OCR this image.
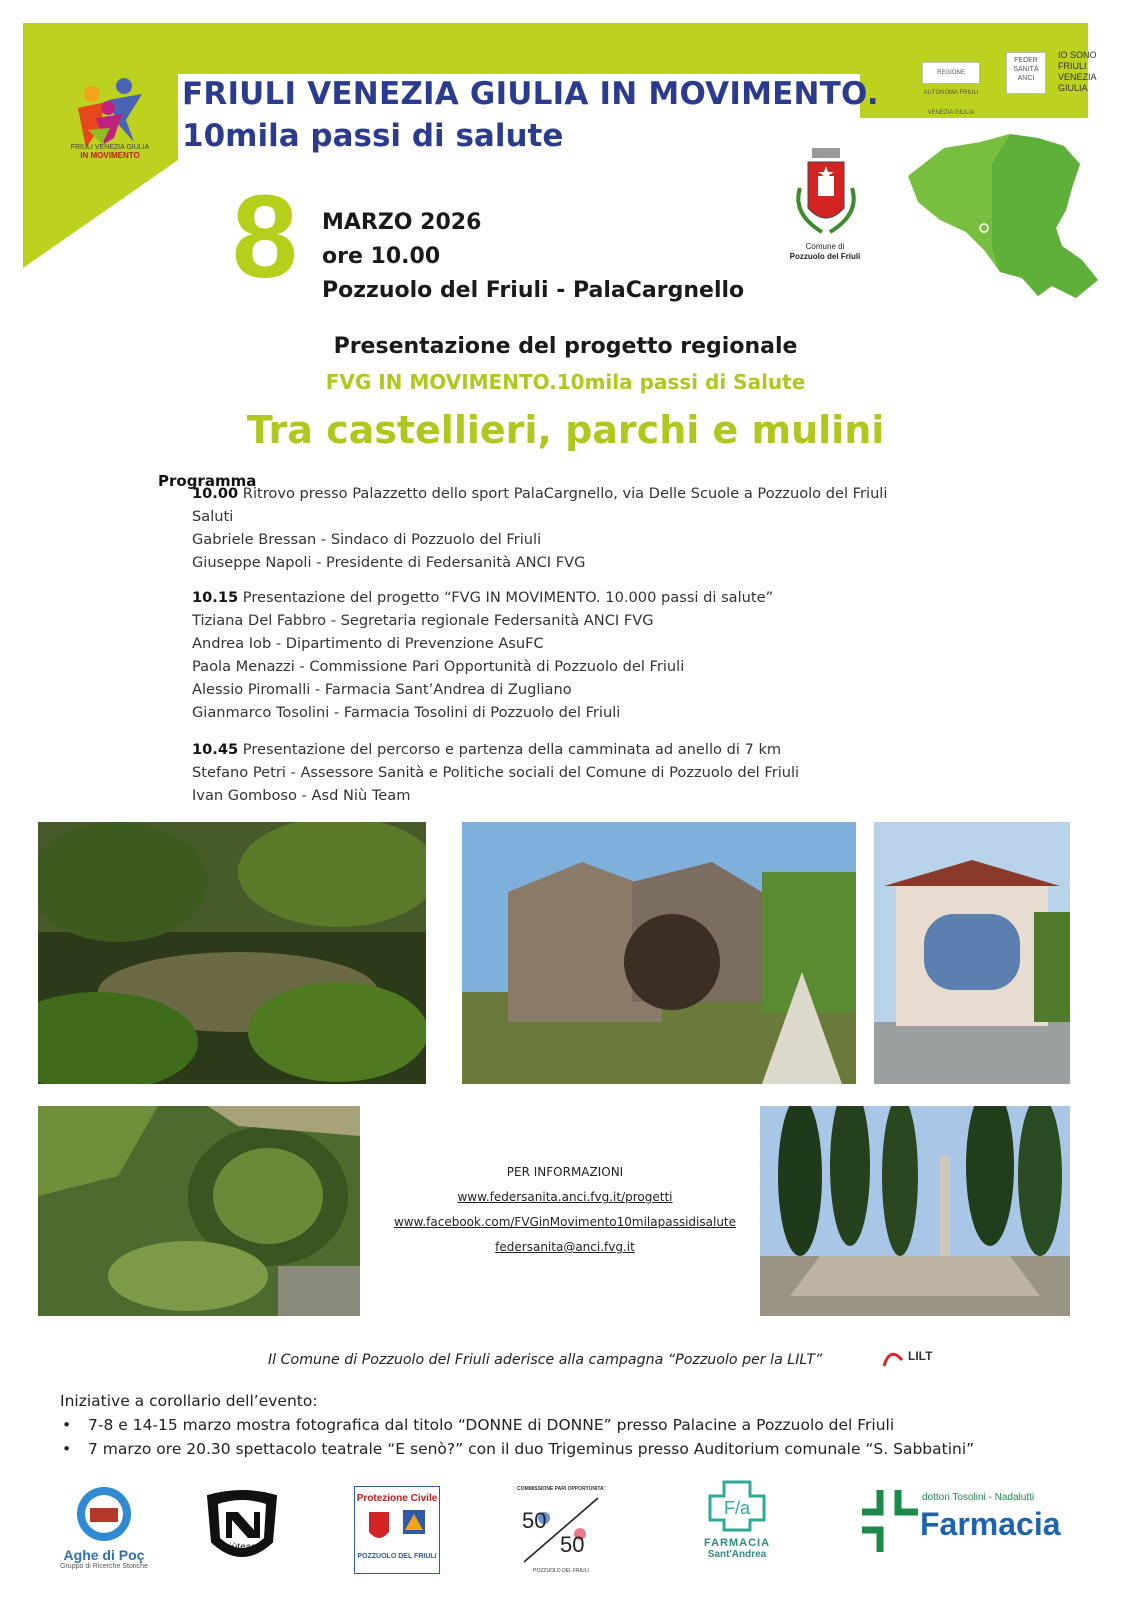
FRIULI VENEZIA GIULIA IN MOVIMENTO.
10mila passi di salute
FRIULI VENEZIA GIULIA
IN MOVIMENTO
REGIONE AUTONOMA FRIULI VENEZIA GIULIA
FEDER SANITÀ ANCI
IO SONO FRIULI VENEZIA GIULIA
Comune di
Pozzuolo del Friuli
8 MARZO 2026
ore 10.00
Pozzuolo del Friuli - PalaCargnello
Presentazione del progetto regionale
FVG IN MOVIMENTO.10mila passi di Salute
Tra castellieri, parchi e mulini
Programma
10.00 Ritrovo presso Palazzetto dello sport PalaCargnello, via Delle Scuole a Pozzuolo del Friuli
Saluti
Gabriele Bressan - Sindaco di Pozzuolo del Friuli
Giuseppe Napoli - Presidente di Federsanità ANCI FVG
10.15 Presentazione del progetto “FVG IN MOVIMENTO. 10.000 passi di salute”
Tiziana Del Fabbro - Segretaria regionale Federsanità ANCI FVG
Andrea Iob - Dipartimento di Prevenzione AsuFC
Paola Menazzi - Commissione Pari Opportunità di Pozzuolo del Friuli
Alessio Piromalli - Farmacia Sant’Andrea di Zugliano
Gianmarco Tosolini - Farmacia Tosolini di Pozzuolo del Friuli
10.45 Presentazione del percorso e partenza della camminata ad anello di 7 km
Stefano Petri - Assessore Sanità e Politiche sociali del Comune di Pozzuolo del Friuli
Ivan Gomboso - Asd Niù Team
PER INFORMAZIONI
www.federsanita.anci.fvg.it/progetti
www.facebook.com/FVGinMovimento10milapassidisalute
federsanita@anci.fvg.it
Il Comune di Pozzuolo del Friuli aderisce alla campagna “Pozzuolo per la LILT”	LILT
Iniziative a corollario dell’evento:
• 7-8 e 14-15 marzo mostra fotografica dal titolo “DONNE di DONNE” presso Palacine a Pozzuolo del Friuli
• 7 marzo ore 20.30 spettacolo teatrale “E senò?” con il duo Trigeminus presso Auditorium comunale “S. Sabbatini”
Aghe di Poç
Gruppo di Ricerche Storiche
niùteam
Protezione Civile
POZZUOLO DEL FRIULI
COMMISSIONE PARI OPPORTUNITA'
50
50
POZZUOLO DEL FRIULI
F/a
FARMACIA
Sant'Andrea
dottori Tosolini - Nadalutti
Farmacia
